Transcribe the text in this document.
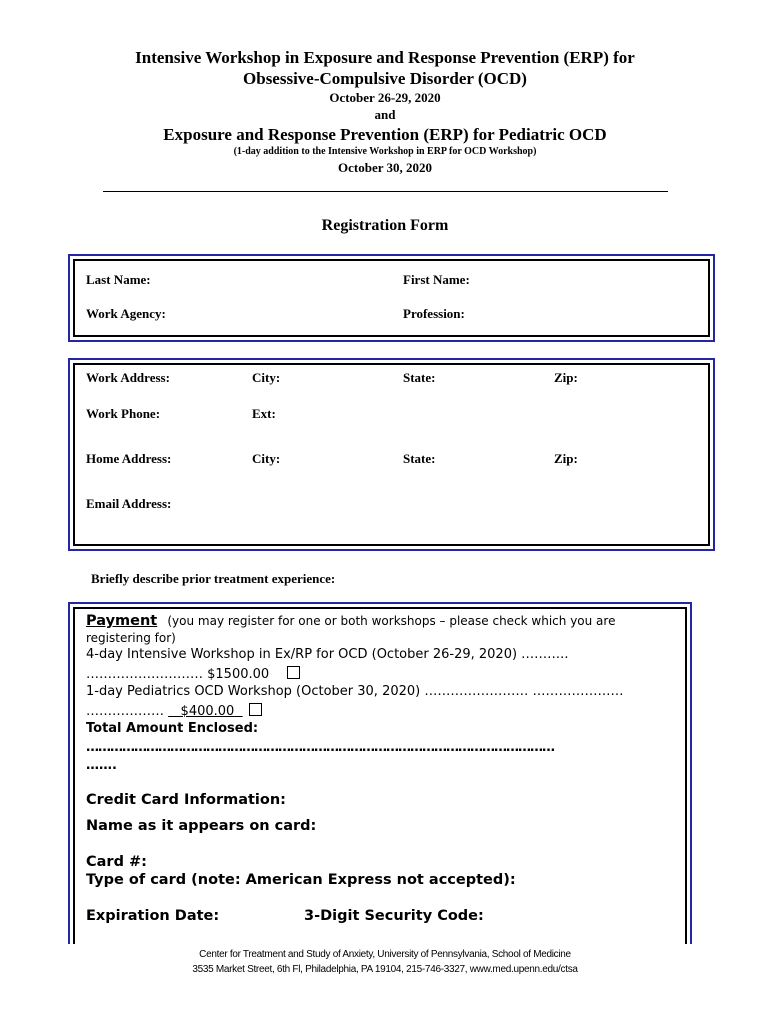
Intensive Workshop in Exposure and Response Prevention (ERP) for
Obsessive-Compulsive Disorder (OCD)
October 26-29, 2020
and
Exposure and Response Prevention (ERP) for Pediatric OCD
(1-day addition to the Intensive Workshop in ERP for OCD Workshop)
October 30, 2020
Registration Form
Last Name:	First Name:
Work Agency:	Profession:
Work Address:	City:	State:	Zip:
Work Phone:	Ext:
Home Address:	City:	State:	Zip:
Email Address:
Briefly describe prior treatment experience:
Payment (you may register for one or both workshops – please check which you are
registering for)
4-day Intensive Workshop in Ex/RP for OCD (October 26-29, 2020) ………..
……………………… $1500.00
1-day Pediatrics OCD Workshop (October 30, 2020) …………………… …………………
………………    $400.00
Total Amount Enclosed:
………………………………………………………………………………………………………
…….
Credit Card Information:
Name as it appears on card:
Card #:
Type of card (note: American Express not accepted):
Expiration Date:	3-Digit Security Code:
Center for Treatment and Study of Anxiety, University of Pennsylvania, School of Medicine
3535 Market Street, 6th Fl, Philadelphia, PA 19104, 215-746-3327, www.med.upenn.edu/ctsa
